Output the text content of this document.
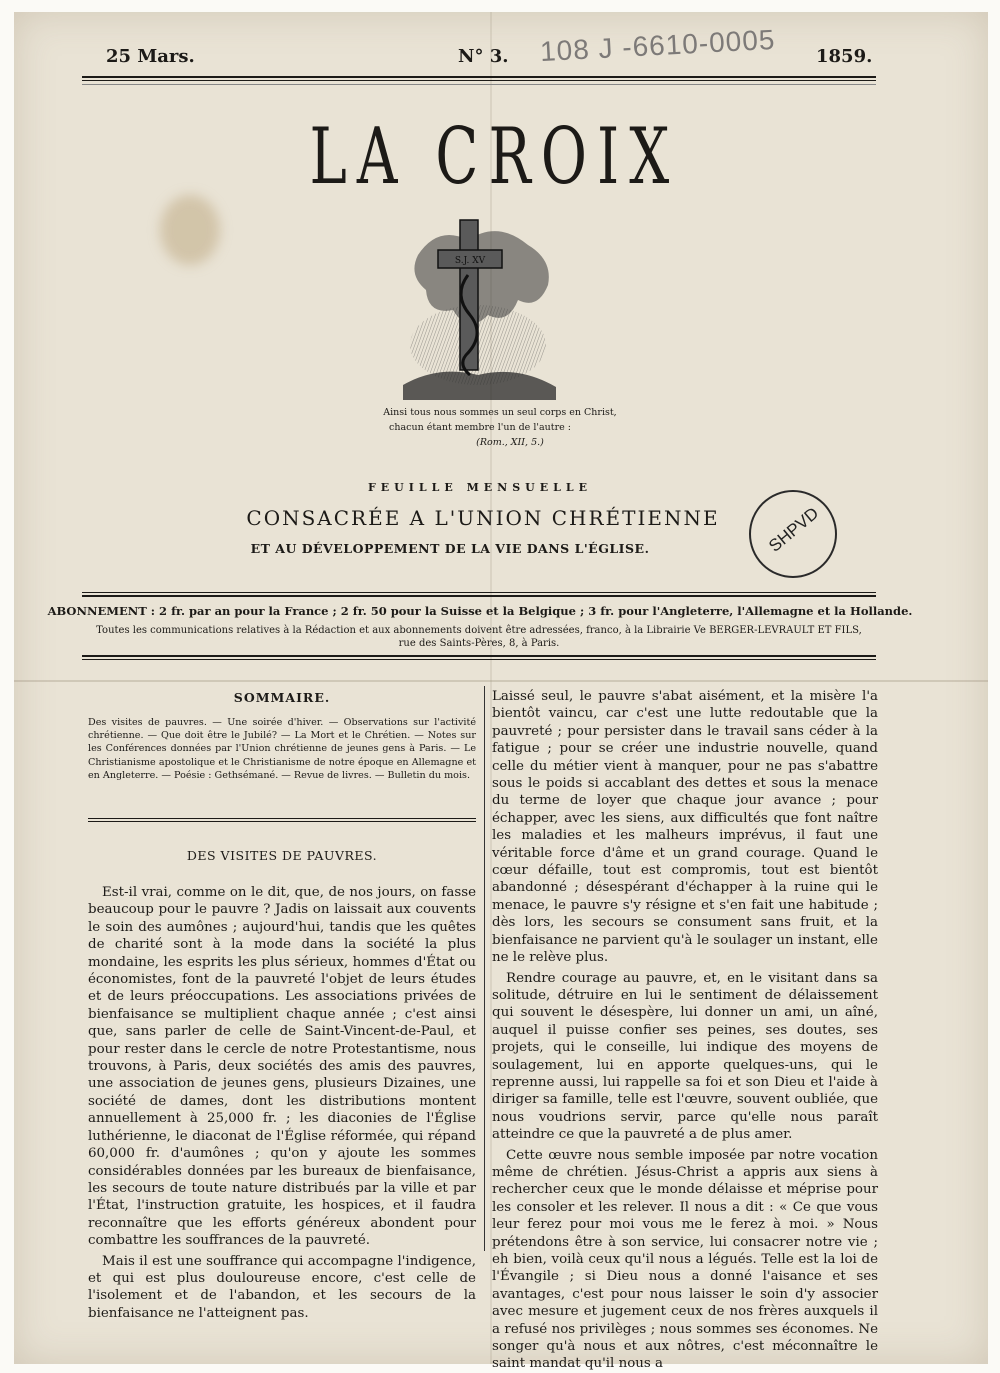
25 Mars.	N° 3.	1859.
108 J -6610-0005
LA CROIX
S.J. XV
Ainsi tous nous sommes un seul corps en Christ,
chacun étant membre l'un de l'autre :
(Rom., XII, 5.)
FEUILLE MENSUELLE
CONSACRÉE A L'UNION CHRÉTIENNE
ET AU DÉVELOPPEMENT DE LA VIE DANS L'ÉGLISE.	SHPVD
ABONNEMENT : 2 fr. par an pour la France ; 2 fr. 50 pour la Suisse et la Belgique ; 3 fr. pour l'Angleterre, l'Allemagne et la Hollande.
Toutes les communications relatives à la Rédaction et aux abonnements doivent être adressées, franco, à la Librairie Ve BERGER-LEVRAULT ET FILS,
rue des Saints-Pères, 8, à Paris.
SOMMAIRE.
Des visites de pauvres. — Une soirée d'hiver. — Observations sur l'activité chrétienne. — Que doit être le Jubilé? — La Mort et le Chrétien. — Notes sur les Conférences données par l'Union chrétienne de jeunes gens à Paris. — Le Christianisme apostolique et le Christianisme de notre époque en Allemagne et en Angleterre. — Poésie : Gethsémané. — Revue de livres. — Bulletin du mois.
DES VISITES DE PAUVRES.

Est-il vrai, comme on le dit, que, de nos jours, on fasse beaucoup pour le pauvre ? Jadis on laissait aux couvents le soin des aumônes ; aujourd'hui, tandis que les quêtes de charité sont à la mode dans la société la plus mondaine, les esprits les plus sérieux, hommes d'État ou économistes, font de la pauvreté l'objet de leurs études et de leurs préoccupations. Les associations privées de bienfaisance se multiplient chaque année ; c'est ainsi que, sans parler de celle de Saint-Vincent-de-Paul, et pour rester dans le cercle de notre Protestantisme, nous trouvons, à Paris, deux sociétés des amis des pauvres, une association de jeunes gens, plusieurs Dizaines, une société de dames, dont les distributions montent annuellement à 25,000 fr. ; les diaconies de l'Église luthérienne, le diaconat de l'Église réformée, qui répand 60,000 fr. d'aumônes ; qu'on y ajoute les sommes considérables données par les bureaux de bienfaisance, les secours de toute nature distribués par la ville et par l'État, l'instruction gratuite, les hospices, et il faudra reconnaître que les efforts généreux abondent pour combattre les souffrances de la pauvreté.

Mais il est une souffrance qui accompagne l'indigence, et qui est plus douloureuse encore, c'est celle de l'isolement et de l'abandon, et les secours de la bienfaisance ne l'atteignent pas.

Laissé seul, le pauvre s'abat aisément, et la misère l'a bientôt vaincu, car c'est une lutte redoutable que la pauvreté ; pour persister dans le travail sans céder à la fatigue ; pour se créer une industrie nouvelle, quand celle du métier vient à manquer, pour ne pas s'abattre sous le poids si accablant des dettes et sous la menace du terme de loyer que chaque jour avance ; pour échapper, avec les siens, aux difficultés que font naître les maladies et les malheurs imprévus, il faut une véritable force d'âme et un grand courage. Quand le cœur défaille, tout est compromis, tout est bientôt abandonné ; désespérant d'échapper à la ruine qui le menace, le pauvre s'y résigne et s'en fait une habitude ; dès lors, les secours se consument sans fruit, et la bienfaisance ne parvient qu'à le soulager un instant, elle ne le relève plus.

Rendre courage au pauvre, et, en le visitant dans sa solitude, détruire en lui le sentiment de délaissement qui souvent le désespère, lui donner un ami, un aîné, auquel il puisse confier ses peines, ses doutes, ses projets, qui le conseille, lui indique des moyens de soulagement, lui en apporte quelques-uns, qui le reprenne aussi, lui rappelle sa foi et son Dieu et l'aide à diriger sa famille, telle est l'œuvre, souvent oubliée, que nous voudrions servir, parce qu'elle nous paraît atteindre ce que la pauvreté a de plus amer.

Cette œuvre nous semble imposée par notre vocation même de chrétien. Jésus-Christ a appris aux siens à rechercher ceux que le monde délaisse et méprise pour les consoler et les relever. Il nous a dit : « Ce que vous leur ferez pour moi vous me le ferez à moi. » Nous prétendons être à son service, lui consacrer notre vie ; eh bien, voilà ceux qu'il nous a légués. Telle est la loi de l'Évangile ; si Dieu nous a donné l'aisance et ses avantages, c'est pour nous laisser le soin d'y associer avec mesure et jugement ceux de nos frères auxquels il a refusé nos privilèges ; nous sommes ses économes. Ne songer qu'à nous et aux nôtres, c'est méconnaître le saint mandat qu'il nous a
